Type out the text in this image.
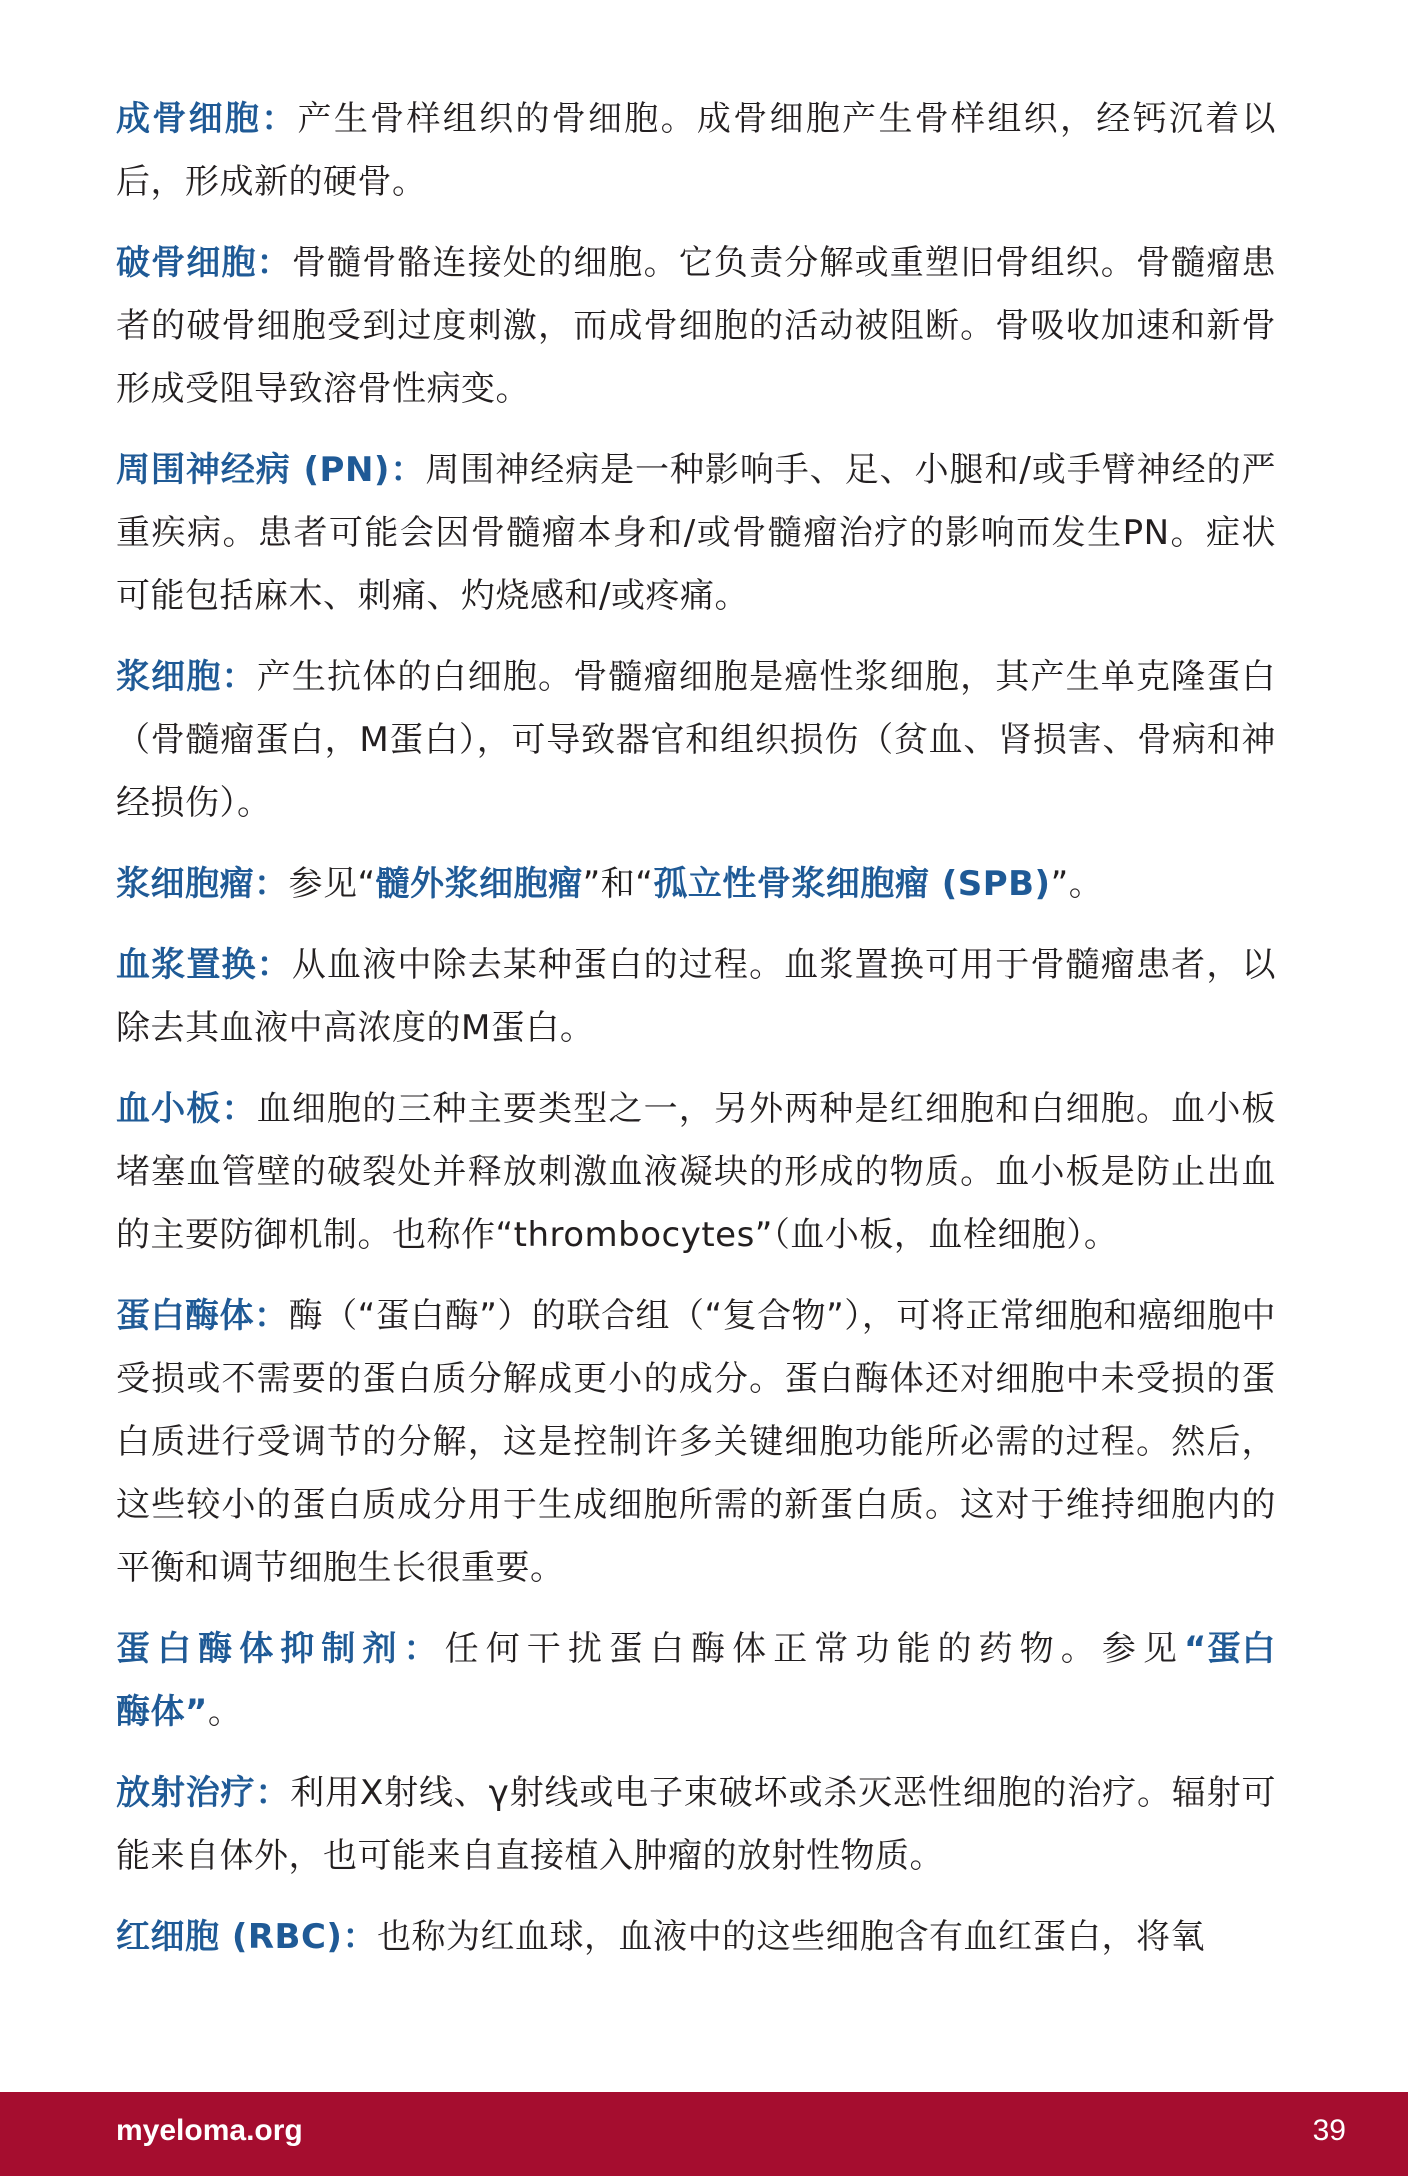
成骨细胞：产生骨样组织的骨细胞。成骨细胞产生骨样组织，经钙沉着以后，形成新的硬骨。

破骨细胞：骨髓骨骼连接处的细胞。它负责分解或重塑旧骨组织。骨髓瘤患者的破骨细胞受到过度刺激，而成骨细胞的活动被阻断。骨吸收加速和新骨形成受阻导致溶骨性病变。

周围神经病 (PN)：周围神经病是一种影响手、足、小腿和/或手臂神经的严重疾病。患者可能会因骨髓瘤本身和/或骨髓瘤治疗的影响而发生PN。症状可能包括麻木、刺痛、灼烧感和/或疼痛。

浆细胞：产生抗体的白细胞。骨髓瘤细胞是癌性浆细胞，其产生单克隆蛋白（骨髓瘤蛋白，M蛋白），可导致器官和组织损伤（贫血、肾损害、骨病和神经损伤）。

浆细胞瘤：参见“髓外浆细胞瘤”和“孤立性骨浆细胞瘤 (SPB)”。

血浆置换：从血液中除去某种蛋白的过程。血浆置换可用于骨髓瘤患者，以除去其血液中高浓度的M蛋白。

血小板：血细胞的三种主要类型之一，另外两种是红细胞和白细胞。血小板堵塞血管壁的破裂处并释放刺激血液凝块的形成的物质。血小板是防止出血的主要防御机制。也称作“thrombocytes”（血小板，血栓细胞）。

蛋白酶体：酶（“蛋白酶”）的联合组（“复合物”），可将正常细胞和癌细胞中受损或不需要的蛋白质分解成更小的成分。蛋白酶体还对细胞中未受损的蛋白质进行受调节的分解，这是控制许多关键细胞功能所必需的过程。然后，这些较小的蛋白质成分用于生成细胞所需的新蛋白质。这对于维持细胞内的平衡和调节细胞生长很重要。

蛋白酶体抑制剂：任何干扰蛋白酶体正常功能的药物。参见“蛋白酶体”。

放射治疗：利用X射线、γ射线或电子束破坏或杀灭恶性细胞的治疗。辐射可能来自体外，也可能来自直接植入肿瘤的放射性物质。

红细胞 (RBC)：也称为红血球，血液中的这些细胞含有血红蛋白，将氧

myeloma.org	39
